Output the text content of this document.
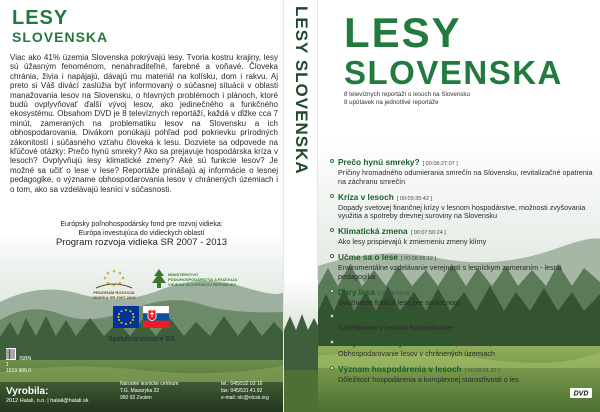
LESY
SLOVENSKA

Viac ako 41% územia Slovenska pokrývajú lesy. Tvoria kostru krajiny, lesy sú úžasným fenoménom, nenahraditeľné, farebné a voňavé. Človeka chránia, živia i napájajú, dávajú mu materiál na kolísku, dom i rakvu. Aj preto si Váš divácí zaslúžia byť informovaný o súčasnej situácii v oblasti manažovania lesov na Slovensku, o hlavných problémoch i plánoch, ktoré budú ovplyvňovať ďalší vývoj lesov, ako jedinečného a funkčného ekosystému. Obsahom DVD je 8 televíznych reportáží, každá v dĺžke cca 7 minút, zameraných na problematiku lesov na Slovensku a ich obhospodarovania. Divákom ponúkajú pohľad pod pokrievku prírodných zákonitostí i súčasného vzťahu človeka k lesu. Dozviete sa odpovede na kľúčové otázky: Prečo hynú smreky? Ako sa prejavuje hospodárska kríza v lesoch? Ovplyvňujú lesy klimatické zmeny? Aké sú funkcie lesov? Je možné sa učiť o lese v lese? Reportáže prinášajú aj informácie o lesnej pedagogike, o význame obhospodarovania lesov v chránených územiach i o tom, ako sa vzdelávajú lesníci v súčasnosti.

Program rozvoja vidieka SR 2007 - 2013
Európsky poľnohospodársky fond pre rozvoj vidieka:
Európa investujúca do vidieckych oblastí
PROGRAM ROZVOJA VIDIEKA SR 2007-2013
MINISTERSTVO PÔDOHOSPODÁRSTVA A ROZVOJA VIDIEKA SLOVENSKEJ REPUBLIKY
Spolufinancované ES
ISBN
1
1519 905 0
Vyrobila:
2012 Halali, n.o. | halali@halali.sk
Národné lesnícke centrum
T.G. Masaryka 22
960 92 Zvolen
tel.: 045/532 03 16
fax: 045/531 41 92
e-mail: nlc@nlcsk.org
LESY SLOVENSKA LESY
SLOVENSKA
8 televíznych reportáží o lesoch na Slovensku
8 upútavek na jednotlivé reportáže
Prečo hynú smreky? [ 00:08:27:07 ]
Príčiny hromadného odumierania smrečín na Slovensku, revitalizačné opatrenia na záchranu smrečín
Kríza v lesoch [ 00:09:35:42 ]
Dopady svetovej finančnej krízy v lesnom hospodárstve, možnosti zvyšovania využitia a spotreby drevnej suroviny na Slovensku
Klimatická zmena [ 00:07:50:24 ]
Ako lesy prispievajú k zmierneniu zmeny klímy
Učme sa o lese [ 00:08:56:12 ]
Enviromentálne vzdelávanie verejnosti s lesníckym zameraním - lesná pedagogika
Dary lesa [ 00:08:04:02 ]
Využívanie funkcií lesa pre spoločnosť
Ako sa učia horári? [ 00:07:54:49 ]
Vzdelávanie v lesnom hospodárstve
Lesy v chránených územiach [ 00:08:03:14 ]
Obhospodarovanie lesov v chránených územiach
Význam hospodárenia v lesoch [ 00:08:01:37 ]
Dôležitosť hospodárenia a komplexnej starostlivosti o les
DVD
